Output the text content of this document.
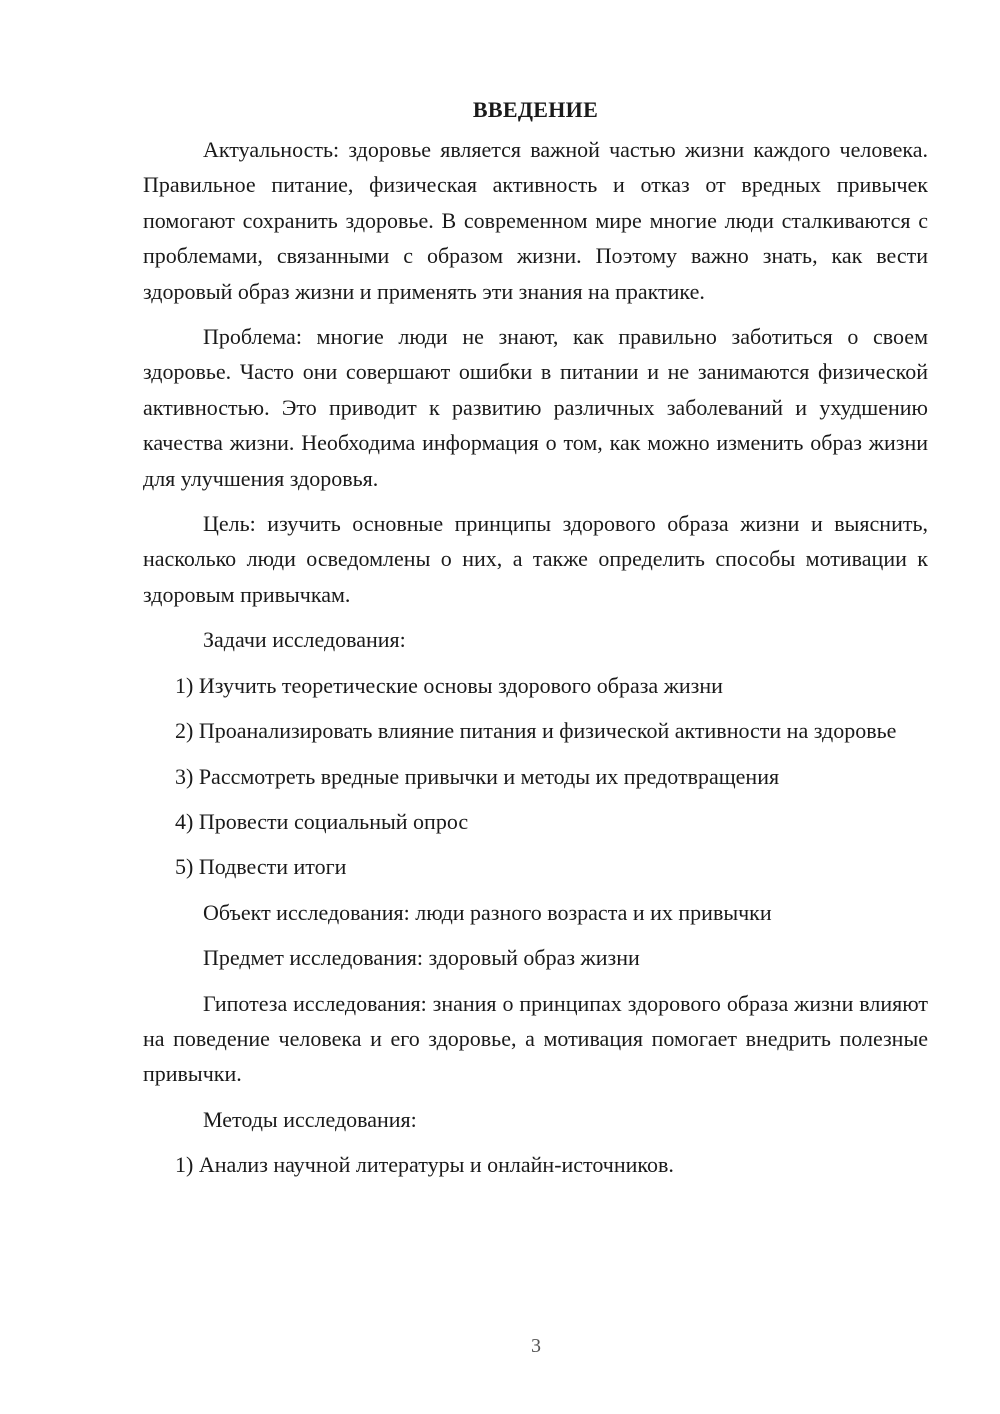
ВВЕДЕНИЕ

Актуальность: здоровье является важной частью жизни каждого человека. Правильное питание, физическая активность и отказ от вредных привычек помогают сохранить здоровье. В современном мире многие люди сталкиваются с проблемами, связанными с образом жизни. Поэтому важно знать, как вести здоровый образ жизни и применять эти знания на практике.

Проблема: многие люди не знают, как правильно заботиться о своем здоровье. Часто они совершают ошибки в питании и не занимаются физической активностью. Это приводит к развитию различных заболеваний и ухудшению качества жизни. Необходима информация о том, как можно изменить образ жизни для улучшения здоровья.

Цель: изучить основные принципы здорового образа жизни и выяснить, насколько люди осведомлены о них, а также определить способы мотивации к здоровым привычкам.

Задачи исследования:

1) Изучить теоретические основы здорового образа жизни

2) Проанализировать влияние питания и физической активности на здоровье

3) Рассмотреть вредные привычки и методы их предотвращения

4) Провести социальный опрос

5) Подвести итоги

Объект исследования: люди разного возраста и их привычки

Предмет исследования: здоровый образ жизни

Гипотеза исследования: знания о принципах здорового образа жизни влияют на поведение человека и его здоровье, а мотивация помогает внедрить полезные привычки.

Методы исследования:

1) Анализ научной литературы и онлайн-источников.

3
